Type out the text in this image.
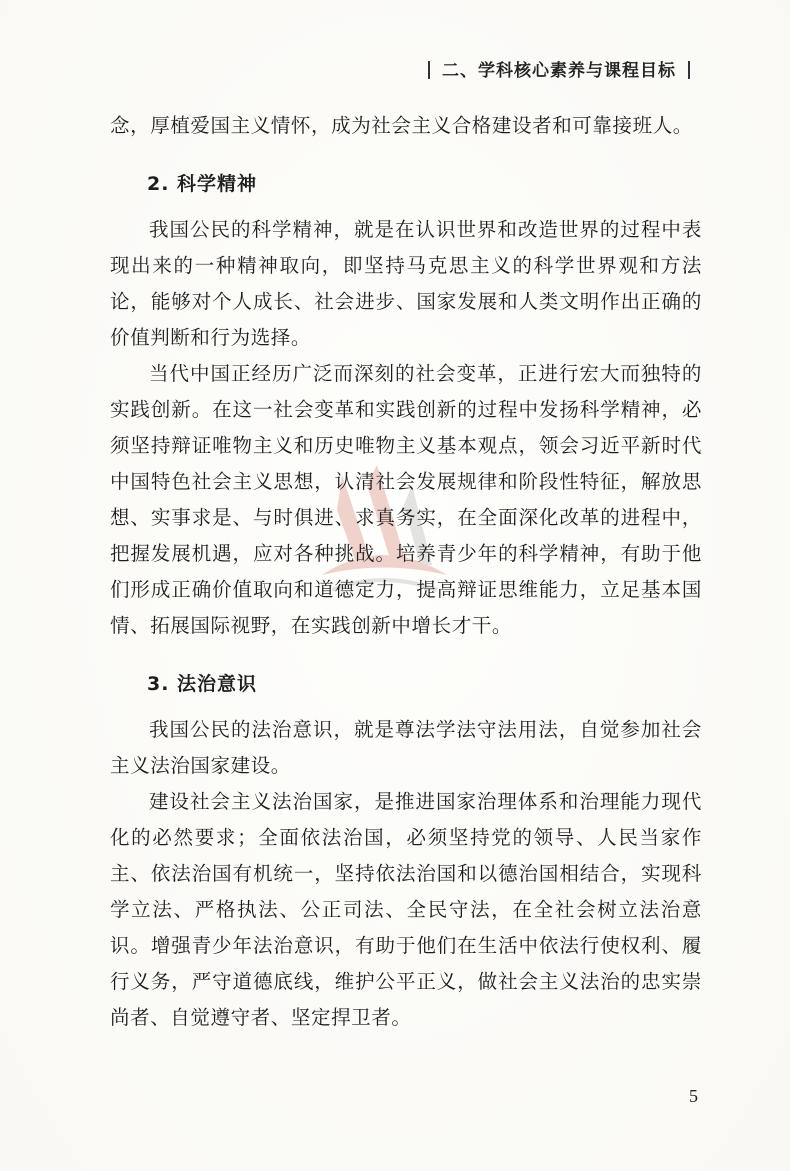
二、学科核心素养与课程目标

念，厚植爱国主义情怀，成为社会主义合格建设者和可靠接班人。

2. 科学精神

我国公民的科学精神，就是在认识世界和改造世界的过程中表现出来的一种精神取向，即坚持马克思主义的科学世界观和方法论，能够对个人成长、社会进步、国家发展和人类文明作出正确的价值判断和行为选择。

当代中国正经历广泛而深刻的社会变革，正进行宏大而独特的实践创新。在这一社会变革和实践创新的过程中发扬科学精神，必须坚持辩证唯物主义和历史唯物主义基本观点，领会习近平新时代中国特色社会主义思想，认清社会发展规律和阶段性特征，解放思想、实事求是、与时俱进、求真务实，在全面深化改革的进程中，把握发展机遇，应对各种挑战。培养青少年的科学精神，有助于他们形成正确价值取向和道德定力，提高辩证思维能力，立足基本国情、拓展国际视野，在实践创新中增长才干。

3. 法治意识

我国公民的法治意识，就是尊法学法守法用法，自觉参加社会主义法治国家建设。

建设社会主义法治国家，是推进国家治理体系和治理能力现代化的必然要求；全面依法治国，必须坚持党的领导、人民当家作主、依法治国有机统一，坚持依法治国和以德治国相结合，实现科学立法、严格执法、公正司法、全民守法，在全社会树立法治意识。增强青少年法治意识，有助于他们在生活中依法行使权利、履行义务，严守道德底线，维护公平正义，做社会主义法治的忠实崇尚者、自觉遵守者、坚定捍卫者。

5
